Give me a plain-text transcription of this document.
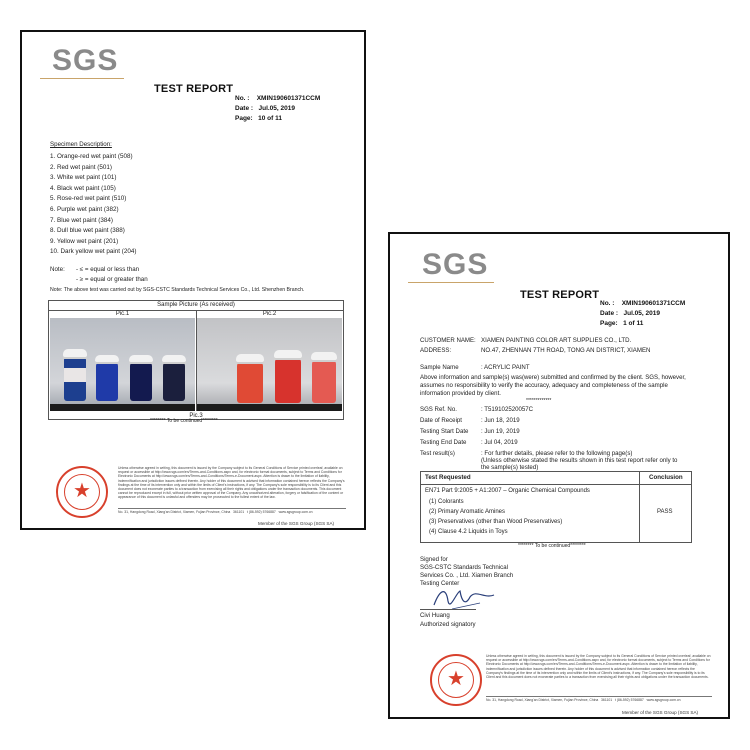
SGS
TEST REPORT
No. : XMIN190601371CCM
Date : Jul.05, 2019
Page: 10 of 11
Specimen Description:
1. Orange-red wet paint (508)
2. Red wet paint (501)
3. White wet paint (101)
4. Black wet paint (105)
5. Rose-red wet paint (510)
6. Purple wet paint (382)
7. Blue wet paint (384)
8. Dull blue wet paint (388)
9. Yellow wet paint (201)
10. Dark yellow wet paint (204)
Note: - ≤ = equal or less than
- ≥ = equal or greater than
Note: The above test was carried out by SGS-CSTC Standards Technical Services Co., Ltd. Shenzhen Branch.
Sample Picture (As received)
Pic.1	Pic.2
Pic.3
******** To be continued********
★
Unless otherwise agreed in writing, this document is issued by the Company subject to its General Conditions of Service printed overleaf, available on request or accessible at http://www.sgs.com/en/Terms-and-Conditions.aspx and, for electronic format documents, subject to Terms and Conditions for Electronic Documents at http://www.sgs.com/en/Terms-and-Conditions/Terms-e-Document.aspx. Attention is drawn to the limitation of liability, indemnification and jurisdiction issues defined therein. Any holder of this document is advised that information contained hereon reflects the Company's findings at the time of its intervention only and within the limits of Client's instructions, if any. The Company's sole responsibility is to its Client and this document does not exonerate parties to a transaction from exercising all their rights and obligations under the transaction documents. This document cannot be reproduced except in full, without prior written approval of the Company. Any unauthorized alteration, forgery or falsification of the content or appearance of this document is unlawful and offenders may be prosecuted to the fullest extent of the law.
No. 31, Hangdong Road, Xiang'an District, Xiamen, Fujian Province, China   361101   t (86-592) 5766887   www.sgsgroup.com.cn
Member of the SGS Group (SGS SA)
SGS
TEST REPORT
No. : XMIN190601371CCM
Date : Jul.05, 2019
Page: 1 of 11
CUSTOMER NAME: XIAMEN PAINTING COLOR ART SUPPLIES CO., LTD.
ADDRESS:	NO.47, ZHENNAN 7TH ROAD, TONG AN DISTRICT, XIAMEN
Sample Name	: ACRYLIC PAINT
Above information and sample(s) was(were) submitted and confirmed by the client. SGS, however,
assumes no responsibility to verify the accuracy, adequacy and completeness of the sample
information provided by client.
*************
SGS Ref. No.	: T519102520057C
Date of Receipt	: Jun 18, 2019
Testing Start Date : Jun 19, 2019
Testing End Date : Jul 04, 2019
Test result(s)	: For further details, please refer to the following page(s)
(Unless otherwise stated the results shown in this test report refer only to
the sample(s) tested)
Test Requested	Conclusion
EN71 Part 9:2005 + A1:2007 – Organic Chemical Compounds
(1) Colorants
(2) Primary Aromatic Amines
(3) Preservatives (other than Wood Preservatives)
(4) Clause 4.2 Liquids in Toys
PASS
******** To be continued********
Signed for
SGS-CSTC Standards Technical
Services Co. , Ltd. Xiamen Branch
Testing Center
Civi Huang
Authorized signatory
★
Unless otherwise agreed in writing, this document is issued by the Company subject to its General Conditions of Service printed overleaf, available on request or accessible at http://www.sgs.com/en/Terms-and-Conditions.aspx and, for electronic format documents, subject to Terms and Conditions for Electronic Documents at http://www.sgs.com/en/Terms-and-Conditions/Terms-e-Document.aspx. Attention is drawn to the limitation of liability, indemnification and jurisdiction issues defined therein. Any holder of this document is advised that information contained hereon reflects the Company's findings at the time of its intervention only and within the limits of Client's instructions, if any. The Company's sole responsibility is to its Client and this document does not exonerate parties to a transaction from exercising all their rights and obligations under the transaction documents.
No. 31, Hangdong Road, Xiang'an District, Xiamen, Fujian Province, China   361101   t (86-592) 5766887   www.sgsgroup.com.cn
Member of the SGS Group (SGS SA)
